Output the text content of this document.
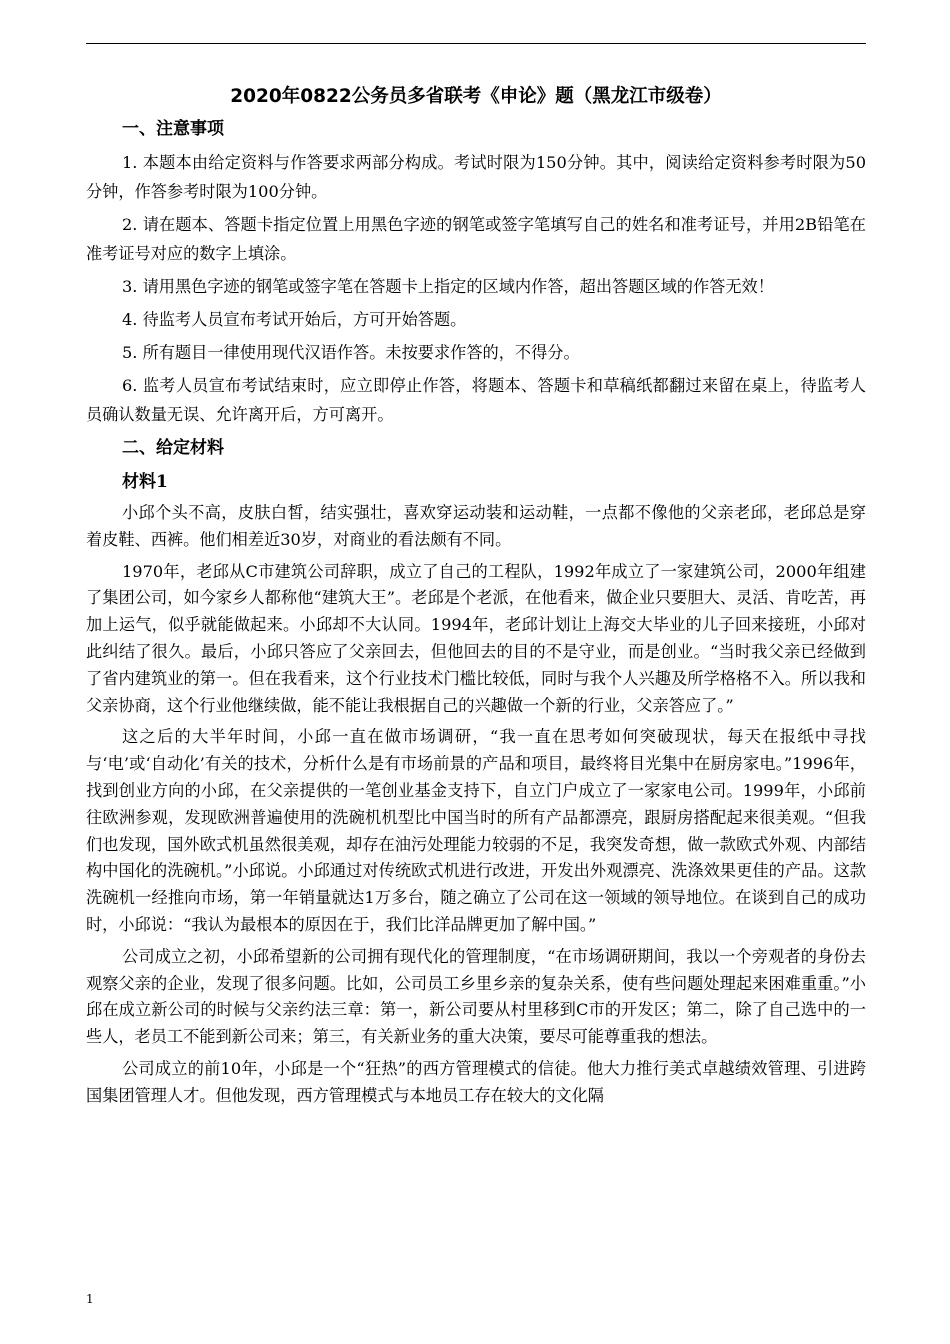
2020年0822公务员多省联考《申论》题（黑龙江市级卷）
一、注意事项

1. 本题本由给定资料与作答要求两部分构成。考试时限为150分钟。其中，阅读给定资料参考时限为50分钟，作答参考时限为100分钟。

2. 请在题本、答题卡指定位置上用黑色字迹的钢笔或签字笔填写自己的姓名和准考证号，并用2B铅笔在准考证号对应的数字上填涂。

3. 请用黑色字迹的钢笔或签字笔在答题卡上指定的区域内作答，超出答题区域的作答无效！

4. 待监考人员宣布考试开始后，方可开始答题。

5. 所有题目一律使用现代汉语作答。未按要求作答的，不得分。

6. 监考人员宣布考试结束时，应立即停止作答，将题本、答题卡和草稿纸都翻过来留在桌上，待监考人员确认数量无误、允许离开后，方可离开。

二、给定材料
材料1

小邱个头不高，皮肤白皙，结实强壮，喜欢穿运动装和运动鞋，一点都不像他的父亲老邱，老邱总是穿着皮鞋、西裤。他们相差近30岁，对商业的看法颇有不同。

1970年，老邱从C市建筑公司辞职，成立了自己的工程队，1992年成立了一家建筑公司，2000年组建了集团公司，如今家乡人都称他“建筑大王”。老邱是个老派，在他看来，做企业只要胆大、灵活、肯吃苦，再加上运气，似乎就能做起来。小邱却不大认同。1994年，老邱计划让上海交大毕业的儿子回来接班，小邱对此纠结了很久。最后，小邱只答应了父亲回去，但他回去的目的不是守业，而是创业。“当时我父亲已经做到了省内建筑业的第一。但在我看来，这个行业技术门槛比较低，同时与我个人兴趣及所学格格不入。所以我和父亲协商，这个行业他继续做，能不能让我根据自己的兴趣做一个新的行业，父亲答应了。”

这之后的大半年时间，小邱一直在做市场调研，“我一直在思考如何突破现状，每天在报纸中寻找与‘电’或‘自动化’有关的技术，分析什么是有市场前景的产品和项目，最终将目光集中在厨房家电。”1996年，找到创业方向的小邱，在父亲提供的一笔创业基金支持下，自立门户成立了一家家电公司。1999年，小邱前往欧洲参观，发现欧洲普遍使用的洗碗机机型比中国当时的所有产品都漂亮，跟厨房搭配起来很美观。“但我们也发现，国外欧式机虽然很美观，却存在油污处理能力较弱的不足，我突发奇想，做一款欧式外观、内部结构中国化的洗碗机。”小邱说。小邱通过对传统欧式机进行改进，开发出外观漂亮、洗涤效果更佳的产品。这款洗碗机一经推向市场，第一年销量就达1万多台，随之确立了公司在这一领域的领导地位。在谈到自己的成功时，小邱说：“我认为最根本的原因在于，我们比洋品牌更加了解中国。”

公司成立之初，小邱希望新的公司拥有现代化的管理制度，“在市场调研期间，我以一个旁观者的身份去观察父亲的企业，发现了很多问题。比如，公司员工乡里乡亲的复杂关系，使有些问题处理起来困难重重。”小邱在成立新公司的时候与父亲约法三章：第一，新公司要从村里移到C市的开发区；第二，除了自己选中的一些人，老员工不能到新公司来；第三，有关新业务的重大决策，要尽可能尊重我的想法。

公司成立的前10年，小邱是一个“狂热”的西方管理模式的信徒。他大力推行美式卓越绩效管理、引进跨国集团管理人才。但他发现，西方管理模式与本地员工存在较大的文化隔

1
